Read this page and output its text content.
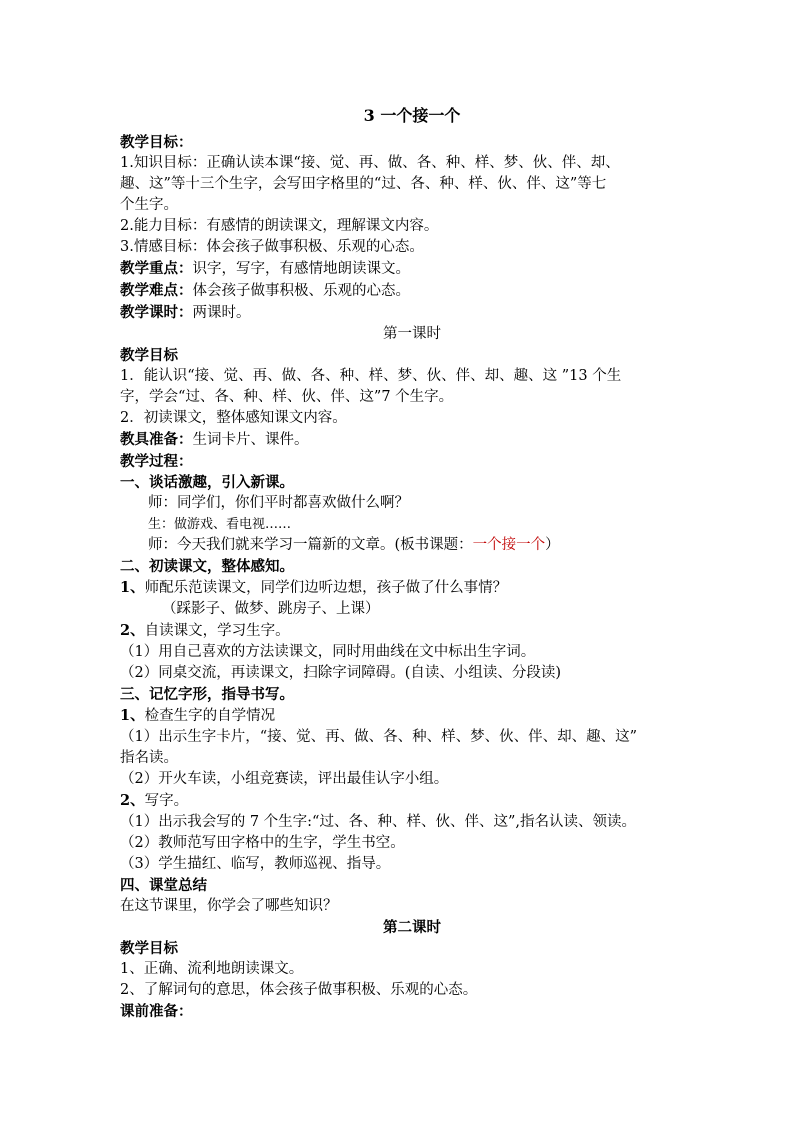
3 一个接一个

教学目标：

1.知识目标：正确认读本课“接、觉、再、做、各、种、样、梦、伙、伴、却、

趣、这”等十三个生字，会写田字格里的“过、各、种、样、伙、伴、这”等七

个生字。

2.能力目标：有感情的朗读课文，理解课文内容。

3.情感目标：体会孩子做事积极、乐观的心态。

教学重点：识字，写字，有感情地朗读课文。

教学难点：体会孩子做事积极、乐观的心态。

教学课时：两课时。

第一课时

教学目标

1．能认识“接、觉、再、做、各、种、样、梦、伙、伴、却、趣、这 ”13 个生

字，学会“过、各、种、样、伙、伴、这”7 个生字。

2．初读课文，整体感知课文内容。

教具准备：生词卡片、课件。

教学过程：

一、谈话激趣，引入新课。

师：同学们，你们平时都喜欢做什么啊？

生：做游戏、看电视……

师：今天我们就来学习一篇新的文章。(板书课题：一个接一个）

二、初读课文，整体感知。

1、师配乐范读课文，同学们边听边想，孩子做了什么事情？

（踩影子、做梦、跳房子、上课）

2、自读课文，学习生字。

（1）用自己喜欢的方法读课文，同时用曲线在文中标出生字词。

（2）同桌交流，再读课文，扫除字词障碍。(自读、小组读、分段读)

三、记忆字形，指导书写。

1、检查生字的自学情况

（1）出示生字卡片，“接、觉、再、做、各、种、样、梦、伙、伴、却、趣、这”

指名读。

（2）开火车读，小组竞赛读，评出最佳认字小组。

2、写字。

（1）出示我会写的 7 个生字:“过、各、种、样、伙、伴、这”,指名认读、领读。

（2）教师范写田字格中的生字，学生书空。

（3）学生描红、临写，教师巡视、指导。

四、课堂总结

在这节课里，你学会了哪些知识？

第二课时

教学目标

1、正确、流利地朗读课文。

2、了解词句的意思，体会孩子做事积极、乐观的心态。

课前准备：
